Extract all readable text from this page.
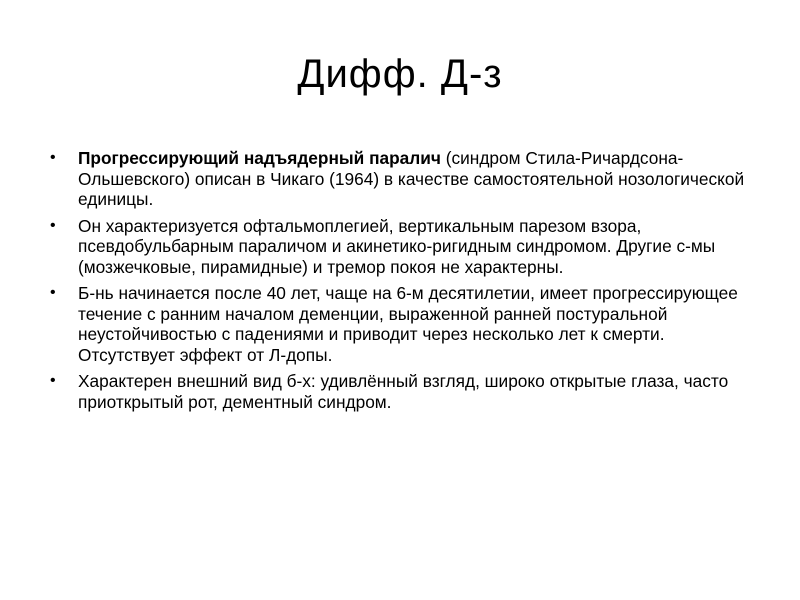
Дифф. Д-з
•	Прогрессирующий надъядерный паралич (синдром Стила-Ричардсона-Ольшевского) описан в Чикаго (1964) в качестве самостоятельной нозологической единицы.
•	Он характеризуется офтальмоплегией, вертикальным парезом взора, псевдобульбарным параличом и акинетико-ригидным синдромом. Другие с-мы (мозжечковые, пирамидные) и тремор покоя не характерны.
•	Б-нь начинается после 40 лет, чаще на 6-м десятилетии, имеет прогрессирующее течение с ранним началом деменции, выраженной ранней постуральной неустойчивостью с падениями и приводит через несколько лет к смерти. Отсутствует эффект от Л-допы.
•	Характерен внешний вид б-х: удивлённый взгляд, широко открытые глаза, часто приоткрытый рот, дементный синдром.
